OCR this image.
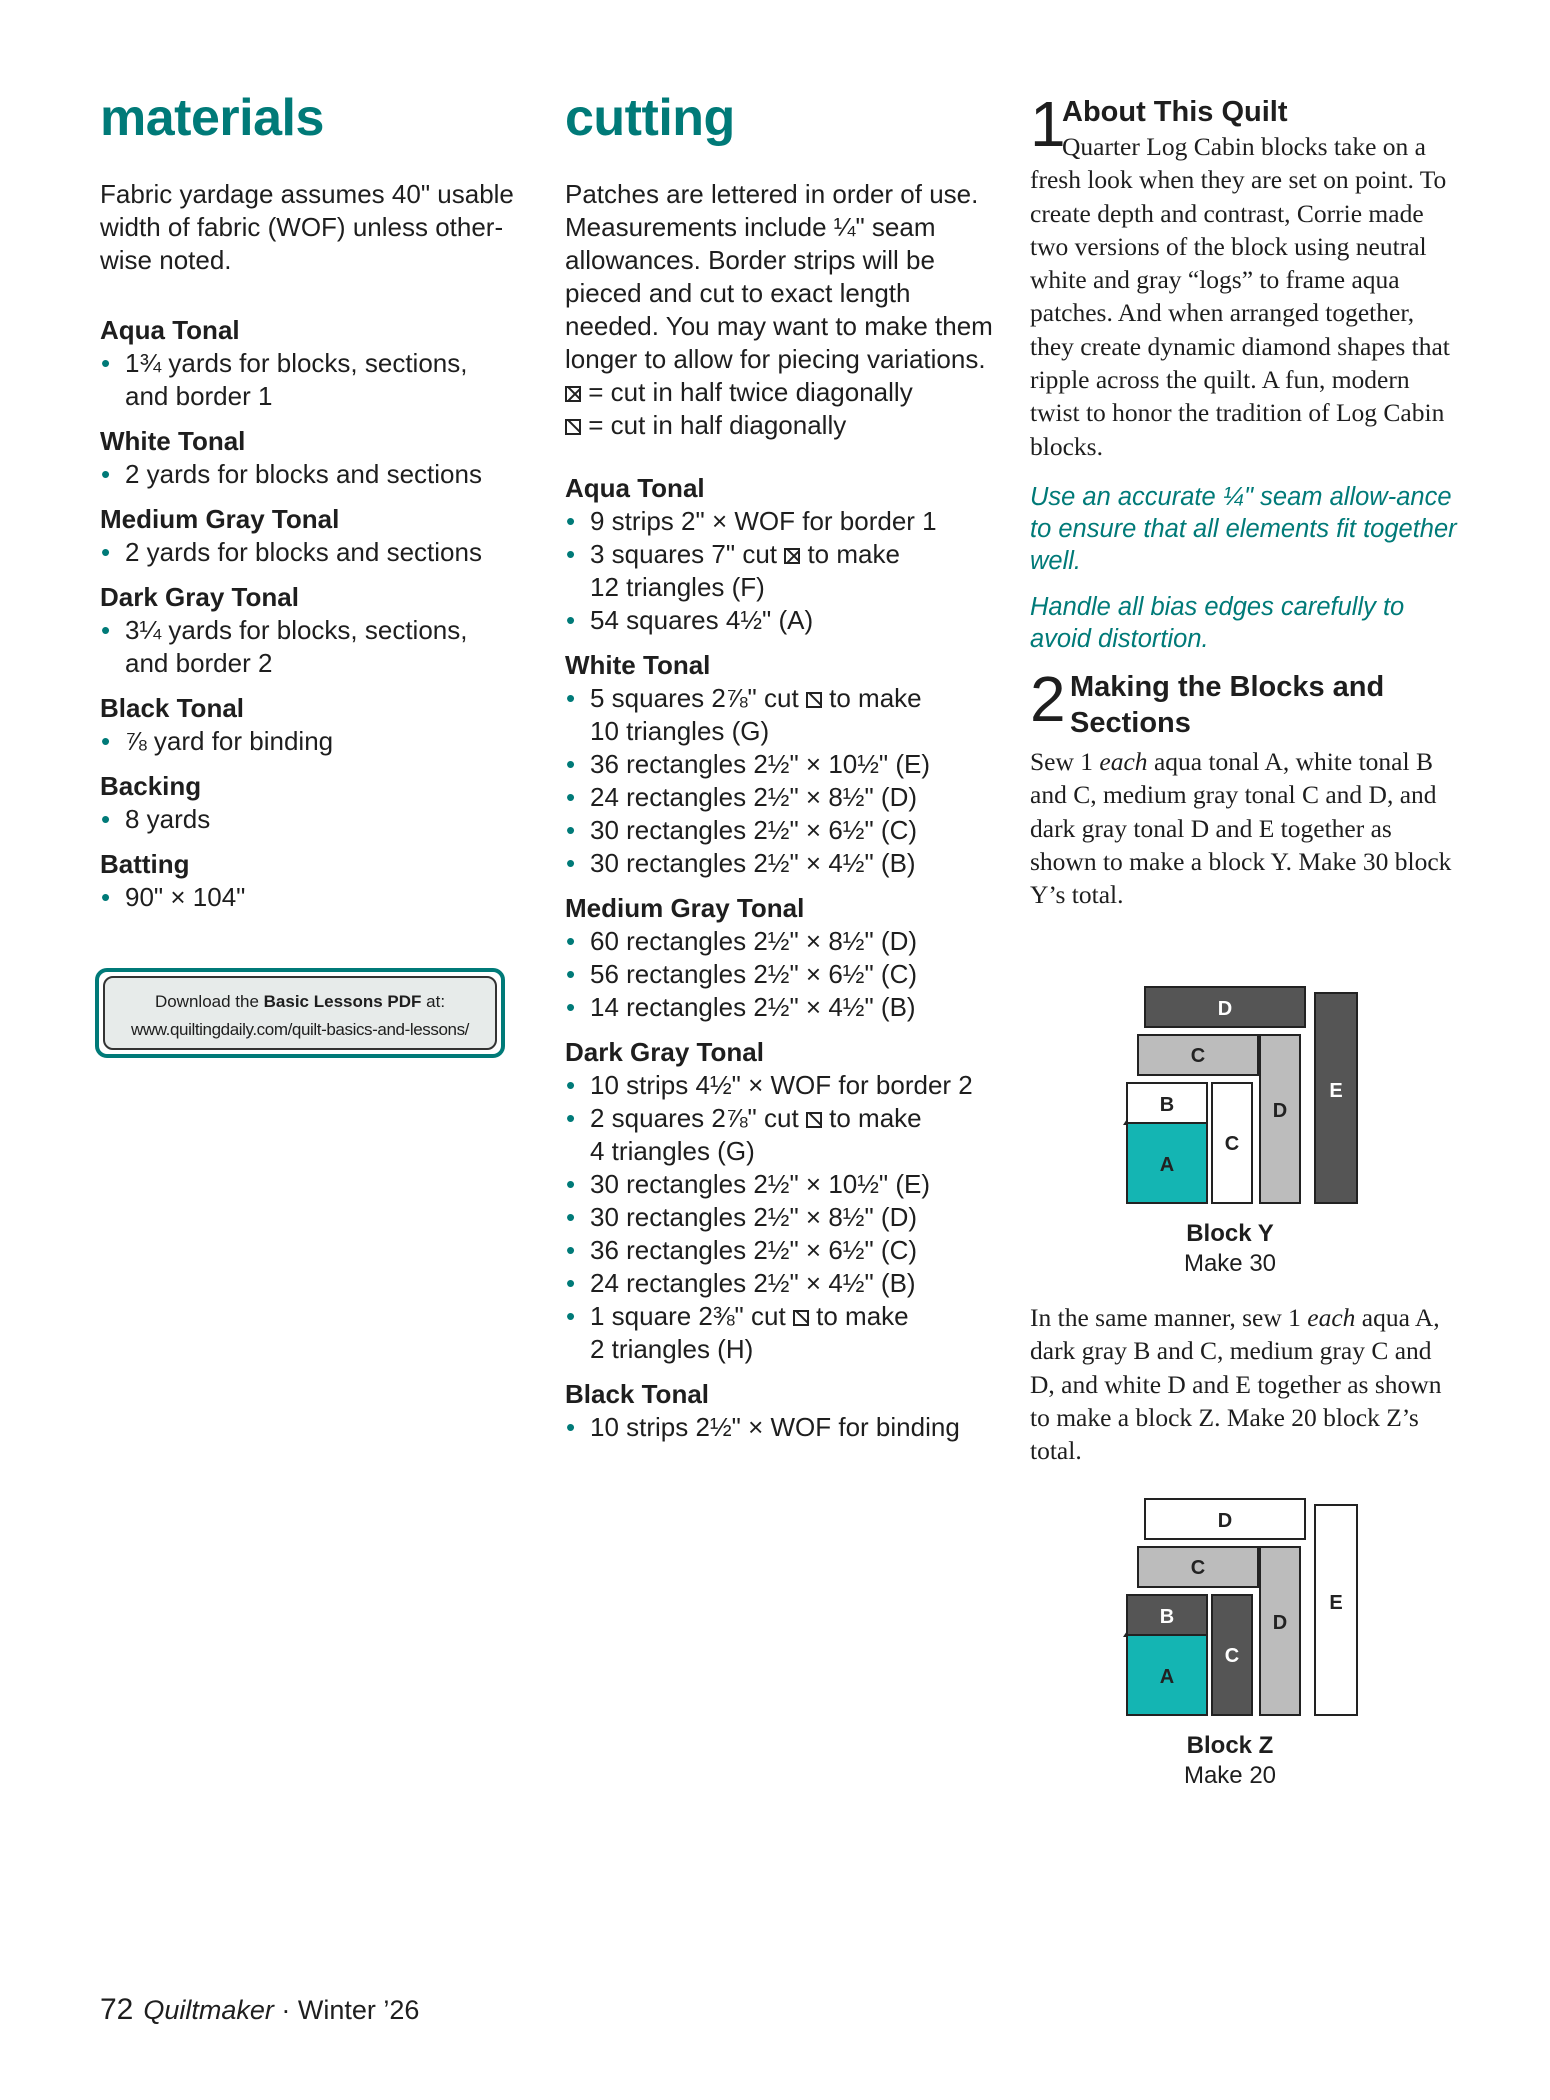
materials

Fabric yardage assumes 40" usable width of fabric (WOF) unless other-wise noted.

Aqua Tonal

• 1¾ yards for blocks, sections,
and border 1

White Tonal

• 2 yards for blocks and sections

Medium Gray Tonal

• 2 yards for blocks and sections

Dark Gray Tonal

• 3¼ yards for blocks, sections,
and border 2

Black Tonal

• ⅞ yard for binding

Backing

• 8 yards

Batting

• 90" × 104"
Download the Basic Lessons PDF at:
www.quiltingdaily.com/quilt-basics-and-lessons/
cutting

Patches are lettered in order of use. Measurements include ¼" seam allowances. Border strips will be pieced and cut to exact length needed. You may want to make them longer to allow for piecing variations.

= cut in half twice diagonally

= cut in half diagonally

Aqua Tonal

• 9 strips 2" × WOF for border 1
• 3 squares 7" cut
to make
12 triangles (F)
• 54 squares 4½" (A)

White Tonal

• 5 squares 2⅞" cut
to make
10 triangles (G)
• 36 rectangles 2½" × 10½" (E)
• 24 rectangles 2½" × 8½" (D)
• 30 rectangles 2½" × 6½" (C)
• 30 rectangles 2½" × 4½" (B)

Medium Gray Tonal

• 60 rectangles 2½" × 8½" (D)
• 56 rectangles 2½" × 6½" (C)
• 14 rectangles 2½" × 4½" (B)

Dark Gray Tonal

• 10 strips 4½" × WOF for border 2
• 2 squares 2⅞" cut
to make
4 triangles (G)
• 30 rectangles 2½" × 10½" (E)
• 30 rectangles 2½" × 8½" (D)
• 36 rectangles 2½" × 6½" (C)
• 24 rectangles 2½" × 4½" (B)
• 1 square 2⅜" cut
to make
2 triangles (H)

Black Tonal

• 10 strips 2½" × WOF for binding
1
About This Quilt

Quarter Log Cabin blocks take on a fresh look when they are set on point. To create depth and contrast, Corrie made two versions of the block using neutral white and gray “logs” to frame aqua patches. And when arranged together, they create dynamic diamond shapes that ripple across the quilt. A fun, modern twist to honor the tradition of Log Cabin blocks.

Use an accurate ¼" seam allow-ance to ensure that all elements fit together well.

Handle all bias edges carefully to avoid distortion.

2 Making the Blocks and Sections

Sew 1 each aqua tonal A, white tonal B and C, medium gray tonal C and D, and dark gray tonal D and E together as shown to make a block Y. Make 30 block Y’s total.

D
C
B
A
C
D
E
Block Y
Make 30

In the same manner, sew 1 each aqua A, dark gray B and C, medium gray C and D, and white D and E together as shown to make a block Z. Make 20 block Z’s total.

D
C
B
A
C
D
E
Block Z
Make 20
72 Quiltmaker · Winter ’26
